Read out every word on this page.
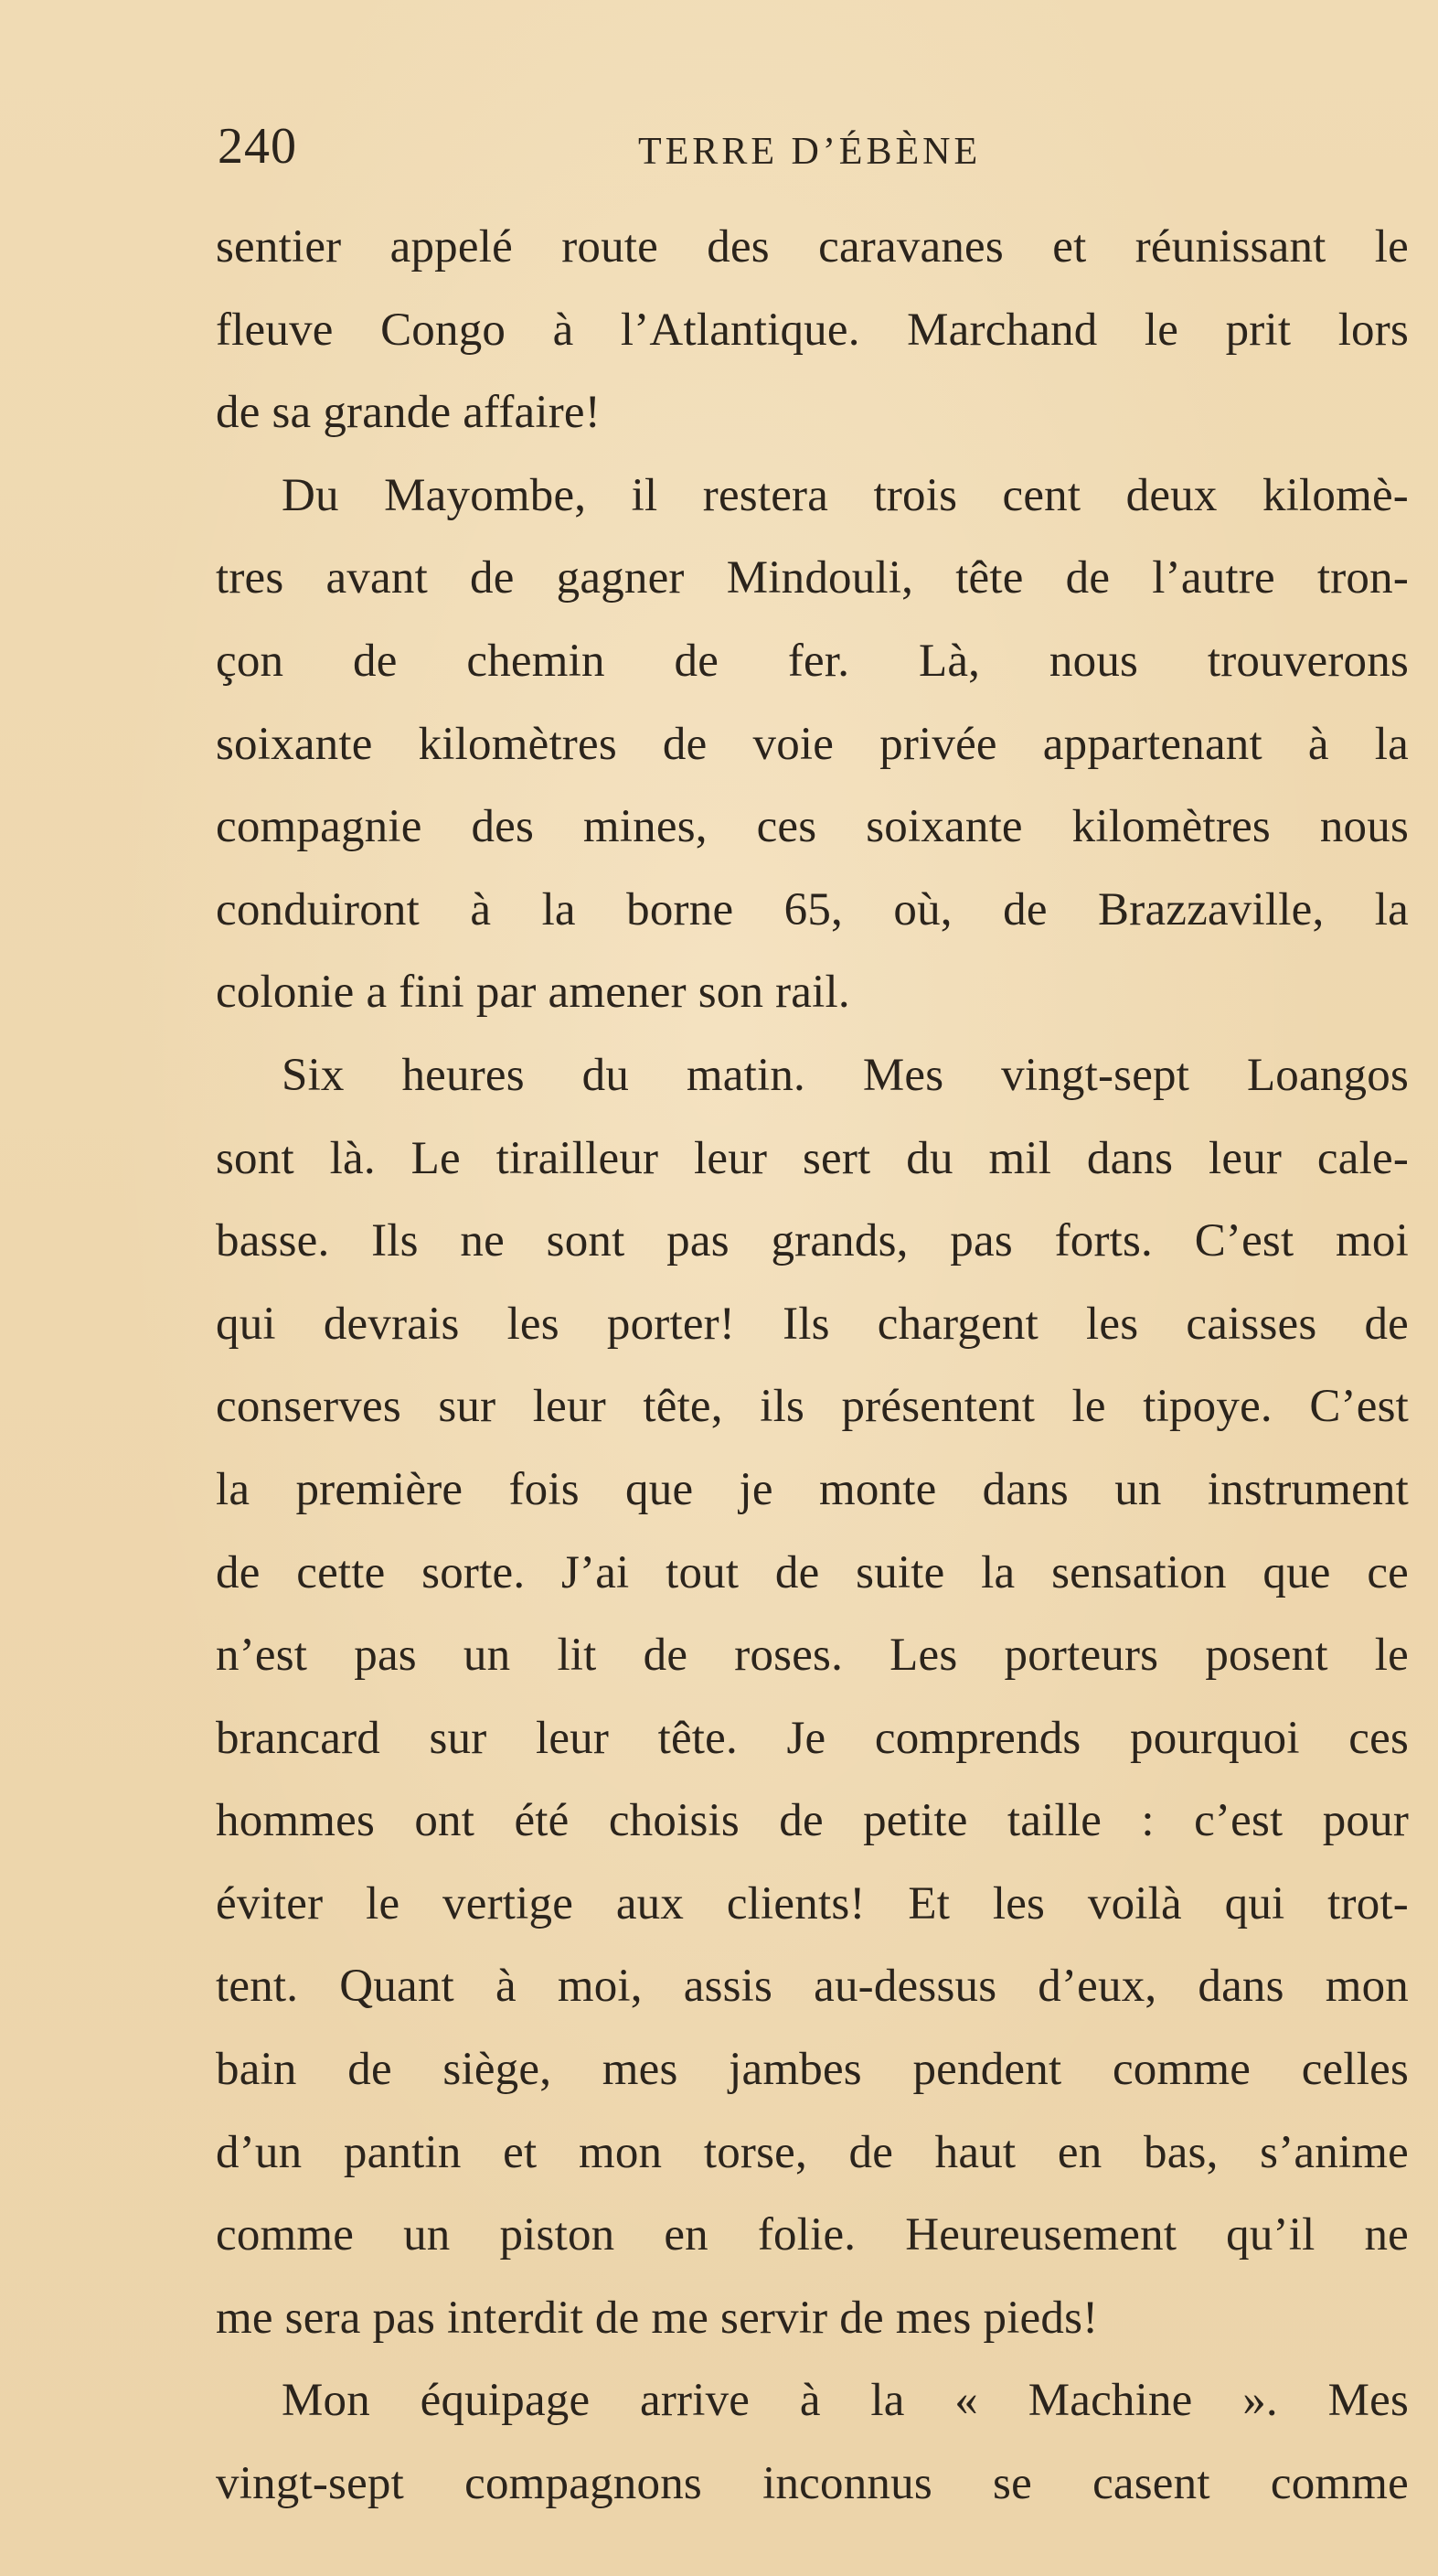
240	TERRE D’ÉBÈNE
sentier appelé route des caravanes et réunissant le
fleuve Congo à l’Atlantique. Marchand le prit lors
de sa grande affaire!
Du Mayombe, il restera trois cent deux kilomè-
tres avant de gagner Mindouli, tête de l’autre tron-
çon de chemin de fer. Là, nous trouverons
soixante kilomètres de voie privée appartenant à la
compagnie des mines, ces soixante kilomètres nous
conduiront à la borne 65, où, de Brazzaville, la
colonie a fini par amener son rail.
Six heures du matin. Mes vingt-sept Loangos
sont là. Le tirailleur leur sert du mil dans leur cale-
basse. Ils ne sont pas grands, pas forts. C’est moi
qui devrais les porter! Ils chargent les caisses de
conserves sur leur tête, ils présentent le tipoye. C’est
la première fois que je monte dans un instrument
de cette sorte. J’ai tout de suite la sensation que ce
n’est pas un lit de roses. Les porteurs posent le
brancard sur leur tête. Je comprends pourquoi ces
hommes ont été choisis de petite taille : c’est pour
éviter le vertige aux clients! Et les voilà qui trot-
tent. Quant à moi, assis au-dessus d’eux, dans mon
bain de siège, mes jambes pendent comme celles
d’un pantin et mon torse, de haut en bas, s’anime
comme un piston en folie. Heureusement qu’il ne
me sera pas interdit de me servir de mes pieds!
Mon équipage arrive à la « Machine ». Mes
vingt-sept compagnons inconnus se casent comme
